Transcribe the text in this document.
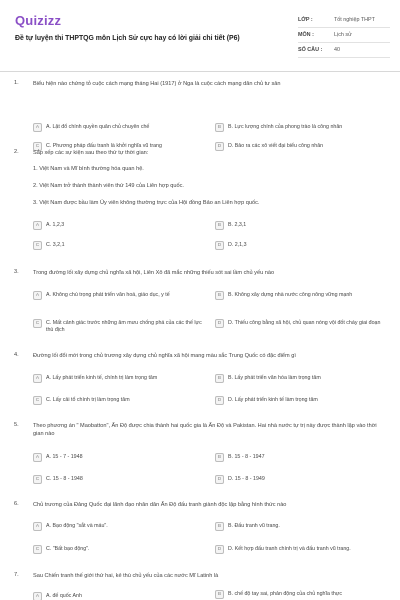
Quizizz
Đề tự luyện thi THPTQG môn Lịch Sử cực hay có lời giải chi tiết (P6)
LỚP :	Tốt nghiệp THPT
MÔN :	Lịch sử
SỐ CÂU :	40
1.	Biểu hiện nào chứng tỏ cuộc cách mạng tháng Hai (1917) ở Nga là cuộc cách mạng dân chủ tư sản
A	A. Lật đổ chính quyền quân chủ chuyên chế	B	B. Lực lượng chính của phong trào là công nhân
C	C. Phương pháp đấu tranh là khởi nghĩa vũ trang	D	D. Bảo ra các xô viết đại biểu công nhân
2.	Sắp xếp các sự kiện sau theo thứ tự thời gian:
1. Việt Nam và Mĩ bình thường hóa quan hệ.
2. Việt Nam trở thành thành viên thứ 149 của Liên hợp quốc.
3. Việt Nam được bầu làm Ủy viên không thường trực của Hội đồng Bảo an Liên hợp quốc.
A	A. 1,2,3	B	B. 2,3,1
C	C. 3,2,1	D	D. 2,1,3
3.	Trong đường lối xây dựng chủ nghĩa xã hội, Liên Xô đã mắc những thiếu sót sai lầm chủ yếu nào
A	A. Không chú trọng phát triển văn hoá, giáo dục, y tế	B	B. Không xây dựng nhà nước công nông vững mạnh
C	C. Mất cảnh giác trước những âm mưu chống phá của các thế lực thù địch
D	D. Thiếu công bằng xã hội, chủ quan nóng vội đốt cháy giai đoạn
4.	Đường lối đổi mới trong chủ trương xây dựng chủ nghĩa xã hội mang màu sắc Trung Quốc có đặc điểm gì
A	A. Lấy phát triển kinh tế, chính trị làm trọng tâm	B	B. Lấy phát triển văn hóa làm trọng tâm
C	C. Lấy cải tổ chính trị làm trọng tâm	D	D. Lấy phát triển kinh tế làm trọng tâm
5.	Theo phương án " Maobatton", Ấn Độ được chia thành hai quốc gia là Ấn Độ và Pakistan. Hai nhà nước tự trị này được thành lập vào thời gian nào
A	A. 15 - 7 - 1948	B	B. 15 - 8 - 1947
C	C. 15 - 8 - 1948	D	D. 15 - 8 - 1949
6.	Chủ trương của Đảng Quốc đại lãnh đạo nhân dân Ấn Độ đấu tranh giành độc lập bằng hình thức nào
A	A. Bạo động "sắt và máu".	B	B. Đấu tranh vũ trang.
C	C. "Bất bạo động".	D	D. Kết hợp đấu tranh chính trị và đấu tranh vũ trang.
7.	Sau Chiến tranh thế giới thứ hai, kẻ thù chủ yếu của các nước Mĩ Latinh là
A	A. đế quốc Anh	B	B. chế độ tay sai, phản động của chủ nghĩa thực
